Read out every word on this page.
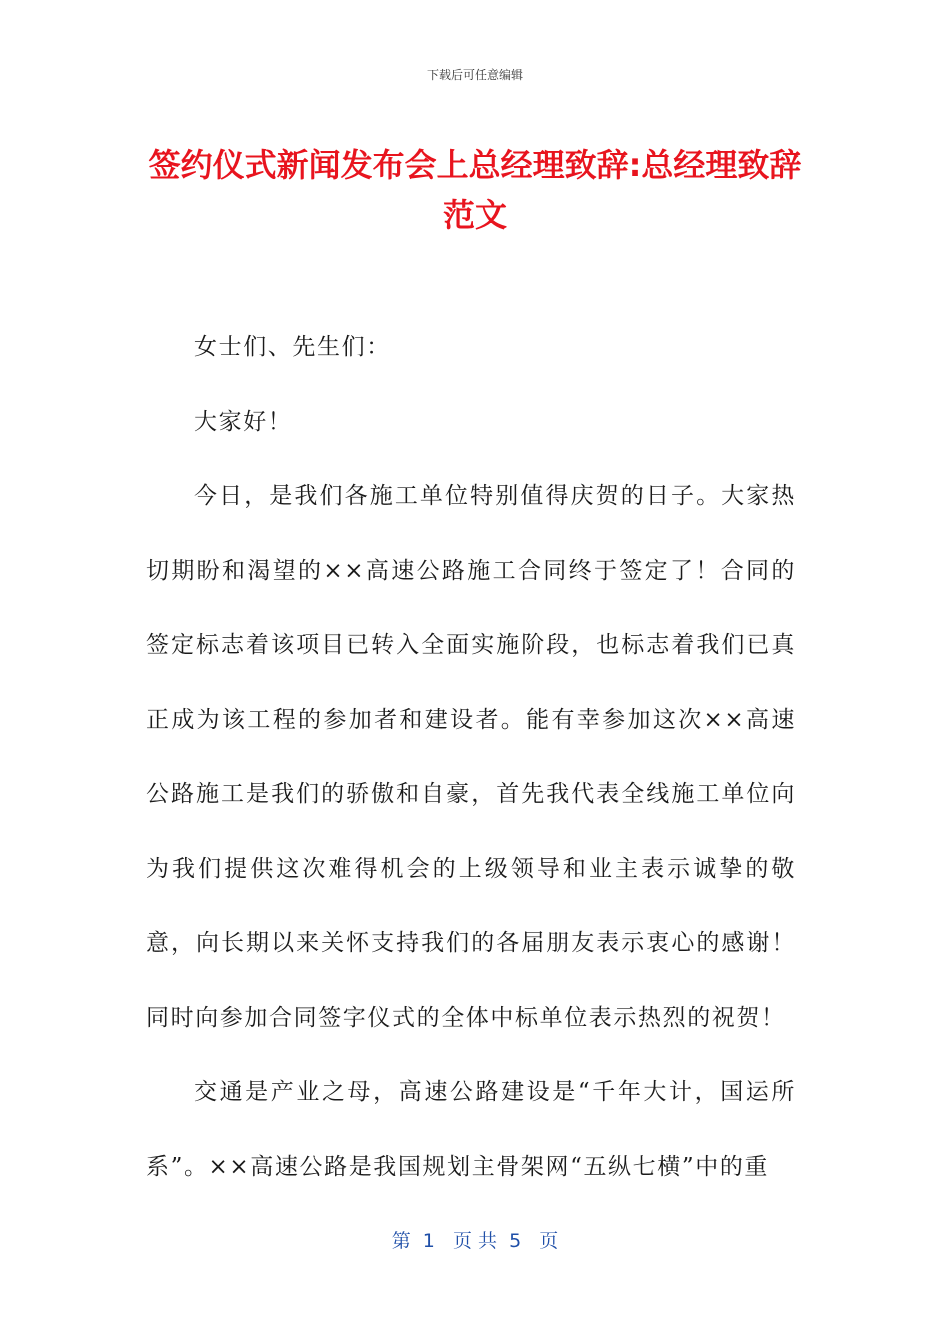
下载后可任意编辑
签约仪式新闻发布会上总经理致辞:总经理致辞范文

女士们、先生们：

大家好！

今日，是我们各施工单位特别值得庆贺的日子。大家热切期盼和渴望的××高速公路施工合同终于签定了！合同的签定标志着该项目已转入全面实施阶段，也标志着我们已真正成为该工程的参加者和建设者。能有幸参加这次××高速公路施工是我们的骄傲和自豪，首先我代表全线施工单位向为我们提供这次难得机会的上级领导和业主表示诚挚的敬意，向长期以来关怀支持我们的各届朋友表示衷心的感谢！同时向参加合同签字仪式的全体中标单位表示热烈的祝贺！

交通是产业之母，高速公路建设是“千年大计，国运所系”。××高速公路是我国规划主骨架网“五纵七横”中的重

第  1   页 共  5   页
